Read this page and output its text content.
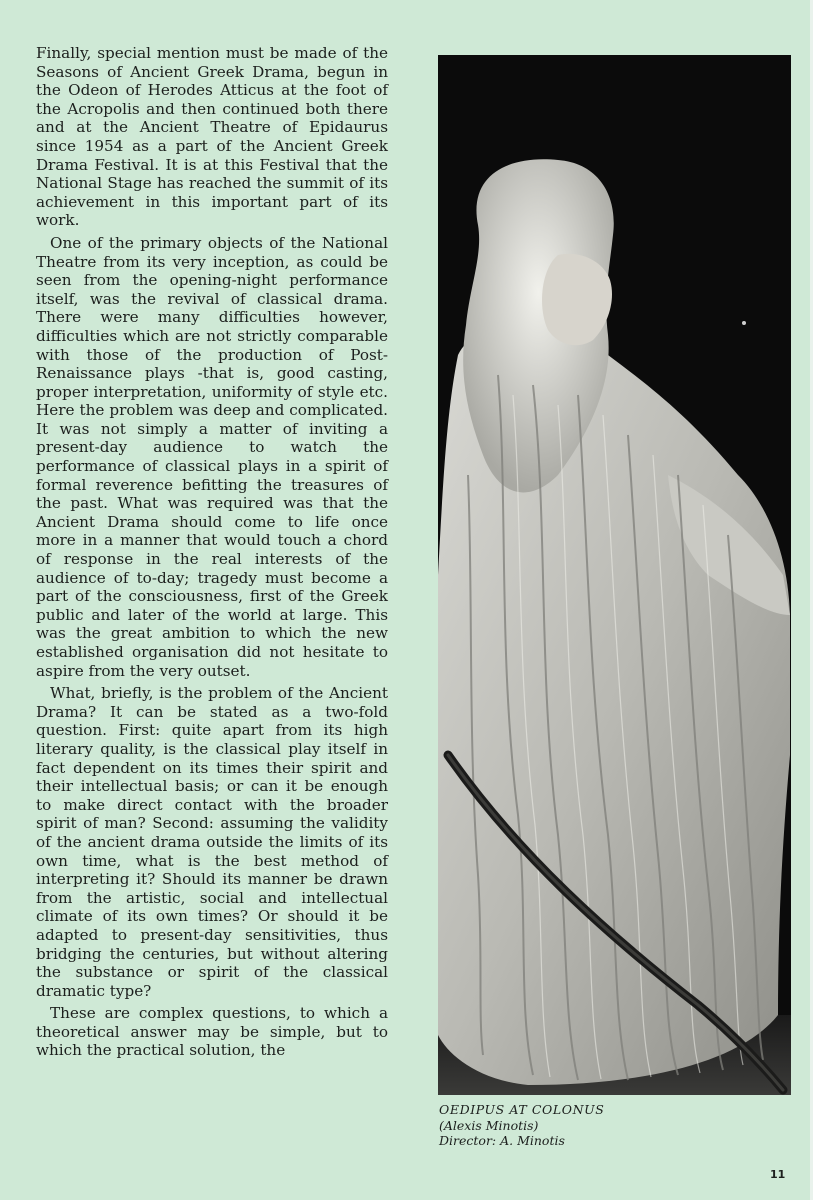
Finally, special mention must be made of the Seasons of Ancient Greek Drama, begun in the Odeon of Herodes Atticus at the foot of the Acropolis and then continued both there and at the Ancient Theatre of Epidaurus since 1954 as a part of the Ancient Greek Drama Festival. It is at this Festival that the National Stage has reached the summit of its achievement in this important part of its work.

One of the primary objects of the National Theatre from its very inception, as could be seen from the opening-night performance itself, was the revival of classical drama. There were many difficulties however, difficulties which are not strictly comparable with those of the production of Post-Renaissance plays -that is, good casting, proper interpretation, uniformity of style etc. Here the problem was deep and complicated. It was not simply a matter of inviting a present-day audience to watch the performance of classical plays in a spirit of formal reverence befitting the treasures of the past. What was required was that the Ancient Drama should come to life once more in a manner that would touch a chord of response in the real interests of the audience of to-day; tragedy must become a part of the consciousness, first of the Greek public and later of the world at large. This was the great ambition to which the new established organisation did not hesitate to aspire from the very outset.

What, briefly, is the problem of the Ancient Drama? It can be stated as a two-fold question. First: quite apart from its high literary quality, is the classical play itself in fact dependent on its times their spirit and their intellectual basis; or can it be enough to make direct contact with the broader spirit of man? Second: assuming the validity of the ancient drama outside the limits of its own time, what is the best method of interpreting it? Should its manner be drawn from the artistic, social and intellectual climate of its own times? Or should it be adapted to present-day sensitivities, thus bridging the centuries, but without altering the substance or spirit of the classical dramatic type?

These are complex questions, to which a theoretical answer may be simple, but to which the practical solution, the

OEDIPUS AT COLONUS
(Alexis Minotis)
Director: A. Minotis
11
